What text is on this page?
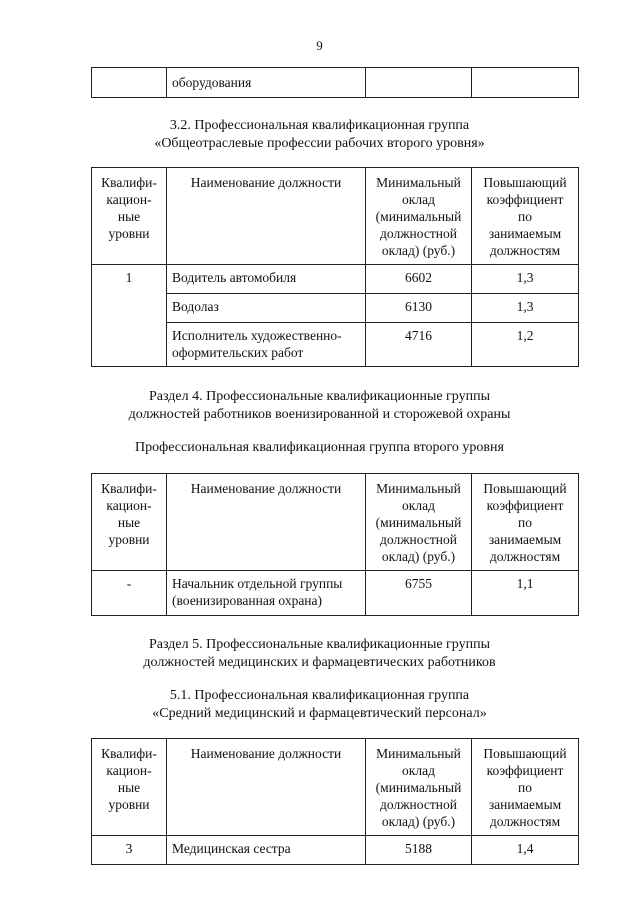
9
	оборудования		
3.2. Профессиональная квалификационная группа
«Общеотраслевые профессии рабочих второго уровня»
Квалифи-
кацион-
ные
уровни	Наименование должности	Минимальный
оклад
(минимальный
должностной
оклад) (руб.)	Повышающий
коэффициент
по
занимаемым
должностям
1	Водитель автомобиля	6602	1,3
	Водолаз	6130	1,3
	Исполнитель художественно-
оформительских работ	4716	1,2
Раздел 4. Профессиональные квалификационные группы
должностей работников военизированной и сторожевой охраны
Профессиональная квалификационная группа второго уровня
Квалифи-
кацион-
ные
уровни	Наименование должности	Минимальный
оклад
(минимальный
должностной
оклад) (руб.)	Повышающий
коэффициент
по
занимаемым
должностям
-	Начальник отдельной группы
(военизированная охрана)	6755	1,1
Раздел 5. Профессиональные квалификационные группы
должностей медицинских и фармацевтических работников
5.1. Профессиональная квалификационная группа
«Средний медицинский и фармацевтический персонал»
Квалифи-
кацион-
ные
уровни	Наименование должности	Минимальный
оклад
(минимальный
должностной
оклад) (руб.)	Повышающий
коэффициент
по
занимаемым
должностям
3	Медицинская сестра	5188	1,4
